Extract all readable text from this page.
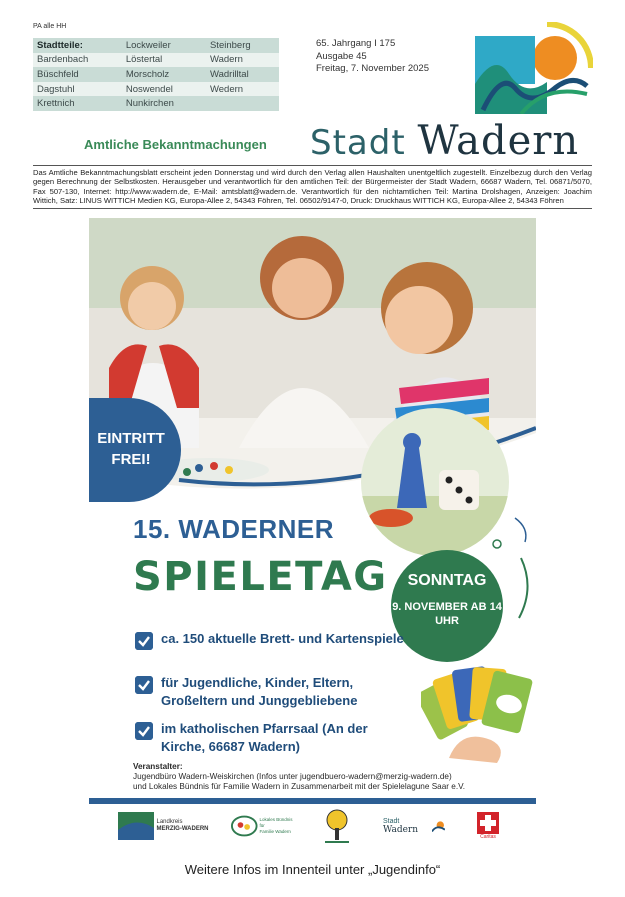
PA alle HH
Stadtteile:	Lockweiler	Steinberg
Bardenbach	Löstertal	Wadern
Büschfeld	Morscholz	Wadrilltal
Dagstuhl	Noswendel	Wedern
Krettnich	Nunkirchen	
65. Jahrgang I 175
Ausgabe 45
Freitag, 7. November 2025
Amtliche Bekanntmachungen Stadt Wadern
Das Amtliche Bekanntmachungsblatt erscheint jeden Donnerstag und wird durch den Verlag allen Haushalten unentgeltlich zugestellt. Einzelbezug durch den Verlag gegen Berechnung der Selbstkosten. Herausgeber und verantwortlich für den amtlichen Teil: der Bürgermeister der Stadt Wadern, 66687 Wadern, Tel. 06871/5070, Fax 507-130, Internet: http://www.wadern.de, E-Mail: amtsblatt@wadern.de. Verantwortlich für den nichtamtlichen Teil: Martina Drolshagen, Anzeigen: Joachim Wittich, Satz: LINUS WITTICH Medien KG, Europa-Allee 2, 54343 Föhren, Tel. 06502/9147-0, Druck: Druckhaus WITTICH KG, Europa-Allee 2, 54343 Föhren
EINTRITT FREI!
15. WADERNER
SPIELETAG	SONNTAG
9. NOVEMBER AB 14 UHR
ca. 150 aktuelle Brett- und Kartenspiele
für Jugendliche, Kinder, Eltern, Großeltern und Junggebliebene
im katholischen Pfarrsaal (An der Kirche, 66687 Wadern)
Veranstalter:
Jugendbüro Wadern-Weiskirchen (Infos unter jugendbuero-wadern@merzig-wadern.de)
und Lokales Bündnis für Familie Wadern in Zusammenarbeit mit der Spielelagune Saar e.V.
Landkreis
MERZIG-WADERN
Lokales Bündnis für
Familie Wadern
Stadt Wadern
Caritas
Weitere Infos im Innenteil unter „Jugendinfo“
